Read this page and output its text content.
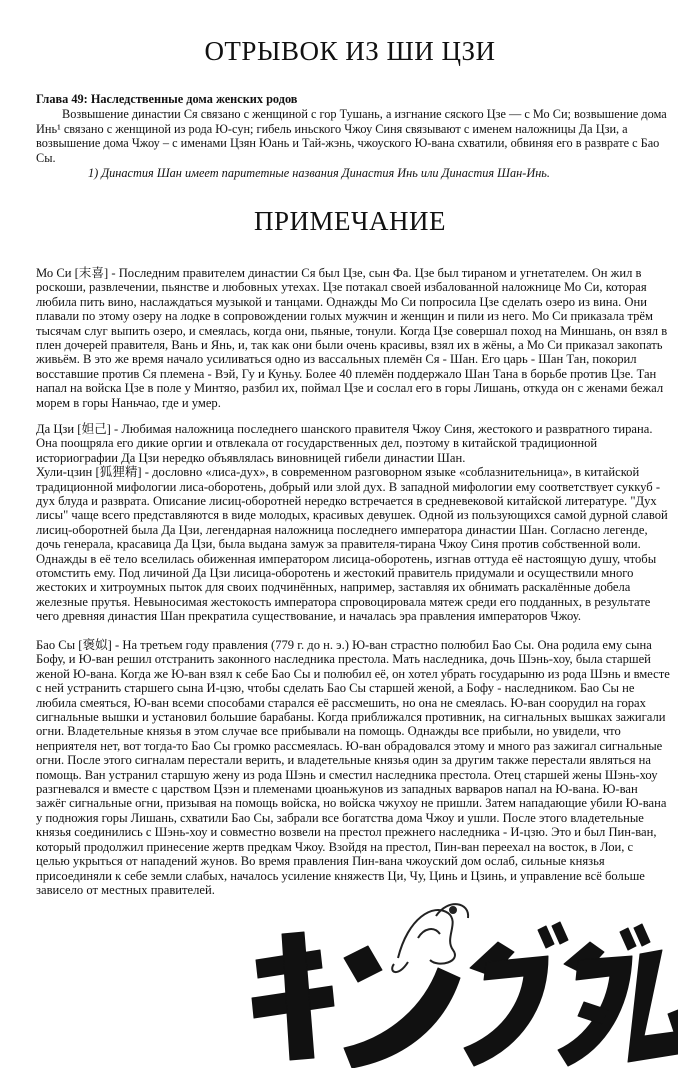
ОТРЫВОК ИЗ ШИ ЦЗИ
Глава 49: Наследственные дома женских родов

Возвышение династии Ся связано с женщиной с гор Тушань, а изгнание сяского Цзе — с Мо Си; возвышение дома Инь¹ связано с женщиной из рода Ю-сун; гибель иньского Чжоу Синя связывают с именем наложницы Да Цзи, а возвышение дома Чжоу – с именами Цзян Юань и Тай-жэнь, чжоуского Ю-вана схватили, обвиняя его в разврате с Бао Сы.

1) Династия Шан имеет паритетные названия Династия Инь или Династия Шан-Инь.

ПРИМЕЧАНИЕ

Мо Си [末喜] - Последним правителем династии Ся был Цзе, сын Фа. Цзе был тираном и угнетателем. Он жил в роскоши, развлечении, пьянстве и любовных утехах. Цзе потакал своей избалованной наложнице Мо Си, которая любила пить вино, наслаждаться музыкой и танцами. Однажды Мо Си попросила Цзе сделать озеро из вина. Они плавали по этому озеру на лодке в сопровождении голых мужчин и женщин и пили из него. Мо Си приказала трём тысячам слуг выпить озеро, и смеялась, когда они, пьяные, тонули. Когда Цзе совершал поход на Миншань, он взял в плен дочерей правителя, Вань и Янь, и, так как они были очень красивы, взял их в жёны, а Мо Си приказал закопать живьём. В это же время начало усиливаться одно из вассальных племён Ся - Шан. Его царь - Шан Тан, покорил восставшие против Ся племена - Вэй, Гу и Куньу. Более 40 племён поддержало Шан Тана в борьбе против Цзе. Тан напал на войска Цзе в поле у Минтяо, разбил их, поймал Цзе и сослал его в горы Лишань, откуда он с женами бежал морем в горы Наньчао, где и умер.

Да Цзи [妲己] - Любимая наложница последнего шанского правителя Чжоу Синя, жестокого и развратного тирана. Она поощряла его дикие оргии и отвлекала от государственных дел, поэтому в китайской традиционной историографии Да Цзи нередко объявлялась виновницей гибели династии Шан.

Хули-цзин [狐狸精] - дословно «лиса-дух», в современном разговорном языке «соблазнительница», в китайской традиционной мифологии лиса-оборотень, добрый или злой дух. В западной мифологии ему соответствует суккуб - дух блуда и разврата. Описание лисиц-оборотней нередко встречается в средневековой китайской литературе. "Дух лисы" чаще всего представляются в виде молодых, красивых девушек. Одной из пользующихся самой дурной славой лисиц-оборотней была Да Цзи, легендарная наложница последнего императора династии Шан. Согласно легенде, дочь генерала, красавица Да Цзи, была выдана замуж за правителя-тирана Чжоу Синя против собственной воли. Однажды в её тело вселилась обиженная императором лисица-оборотень, изгнав оттуда её настоящую душу, чтобы отомстить ему. Под личиной Да Цзи лисица-оборотень и жестокий правитель придумали и осуществили много жестоких и хитроумных пыток для своих подчинённых, например, заставляя их обнимать раскалённые добела железные прутья. Невыносимая жестокость императора спровоцировала мятеж среди его подданных, в результате чего древняя династия Шан прекратила существование, и началась эра правления императоров Чжоу.

Бао Сы [褒姒] - На третьем году правления (779 г. до н. э.) Ю-ван страстно полюбил Бао Сы. Она родила ему сына Бофу, и Ю-ван решил отстранить законного наследника престола. Мать наследника, дочь Шэнь-хоу, была старшей женой Ю-вана. Когда же Ю-ван взял к себе Бао Сы и полюбил её, он хотел убрать государыню из рода Шэнь и вместе с ней устранить старшего сына И-цзю, чтобы сделать Бао Сы старшей женой, а Бофу - наследником. Бао Сы не любила смеяться, Ю-ван всеми способами старался её рассмешить, но она не смеялась. Ю-ван соорудил на горах сигнальные вышки и установил большие барабаны. Когда приближался противник, на сигнальных вышках зажигали огни. Владетельные князья в этом случае все прибывали на помощь. Однажды все прибыли, но увидели, что неприятеля нет, вот тогда-то Бао Сы громко рассмеялась. Ю-ван обрадовался этому и много раз зажигал сигнальные огни. После этого сигналам перестали верить, и владетельные князья один за другим также перестали являться на помощь. Ван устранил старшую жену из рода Шэнь и сместил наследника престола. Отец старшей жены Шэнь-хоу разгневался и вместе с царством Цзэн и племенами цюаньжунов из западных варваров напал на Ю-вана. Ю-ван зажёг сигнальные огни, призывая на помощь войска, но войска чжухоу не пришли. Затем нападающие убили Ю-вана у подножия горы Лишань, схватили Бао Сы, забрали все богатства дома Чжоу и ушли. После этого владетельные князья соединились с Шэнь-хоу и совместно возвели на престол прежнего наследника - И-цзю. Это и был Пин-ван, который продолжил принесение жертв предкам Чжоу. Взойдя на престол, Пин-ван переехал на восток, в Лои, с целью укрыться от нападений жунов. Во время правления Пин-вана чжоуский дом ослаб, сильные князья присоединяли к себе земли слабых, началось усиление княжеств Ци, Чу, Цинь и Цзинь, и управление всё больше зависело от местных правителей.
